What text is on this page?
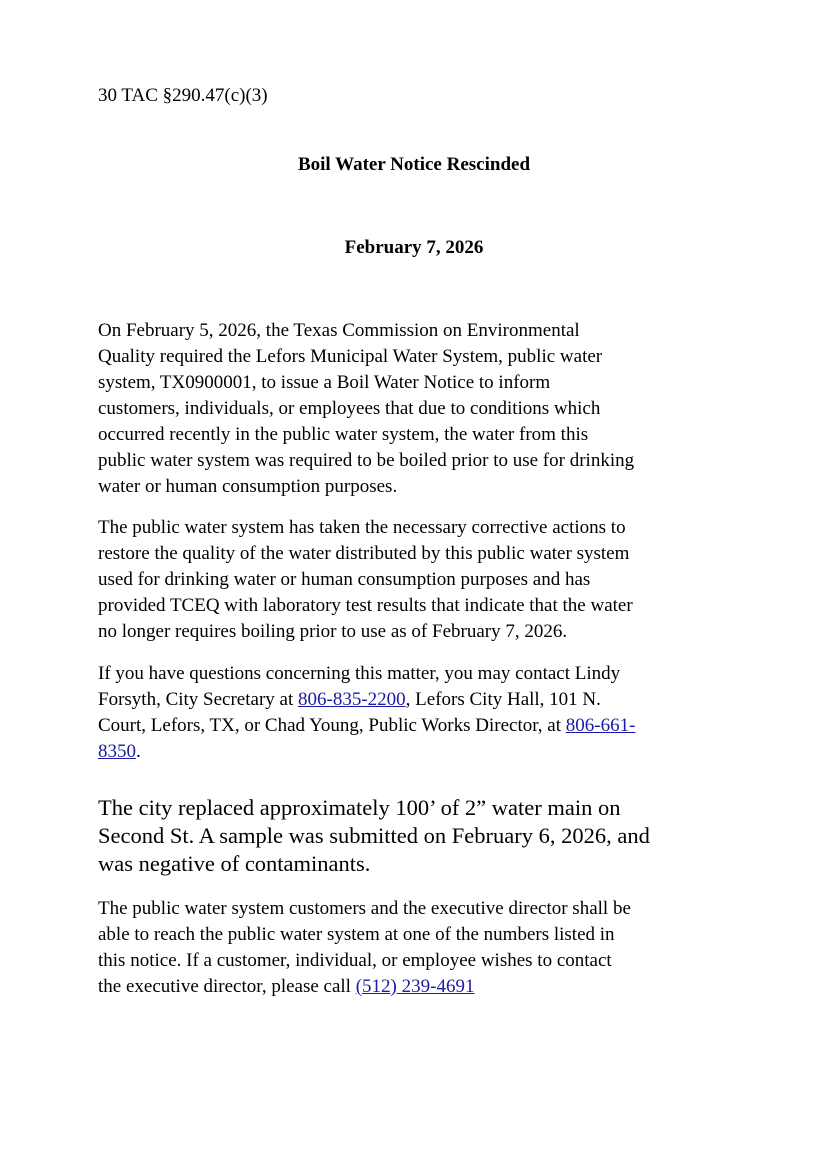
30 TAC §290.47(c)(3)
Boil Water Notice Rescinded
February 7, 2026
On February 5, 2026, the Texas Commission on Environmental
Quality required the Lefors Municipal Water System, public water
system, TX0900001, to issue a Boil Water Notice to inform
customers, individuals, or employees that due to conditions which
occurred recently in the public water system, the water from this
public water system was required to be boiled prior to use for drinking
water or human consumption purposes.
The public water system has taken the necessary corrective actions to
restore the quality of the water distributed by this public water system
used for drinking water or human consumption purposes and has
provided TCEQ with laboratory test results that indicate that the water
no longer requires boiling prior to use as of February 7, 2026.
If you have questions concerning this matter, you may contact Lindy
Forsyth, City Secretary at 806-835-2200, Lefors City Hall, 101 N.
Court, Lefors, TX, or Chad Young, Public Works Director, at 806-661-
8350.
The city replaced approximately 100’ of 2” water main on
Second St. A sample was submitted on February 6, 2026, and
was negative of contaminants.
The public water system customers and the executive director shall be
able to reach the public water system at one of the numbers listed in
this notice. If a customer, individual, or employee wishes to contact
the executive director, please call (512) 239-4691
